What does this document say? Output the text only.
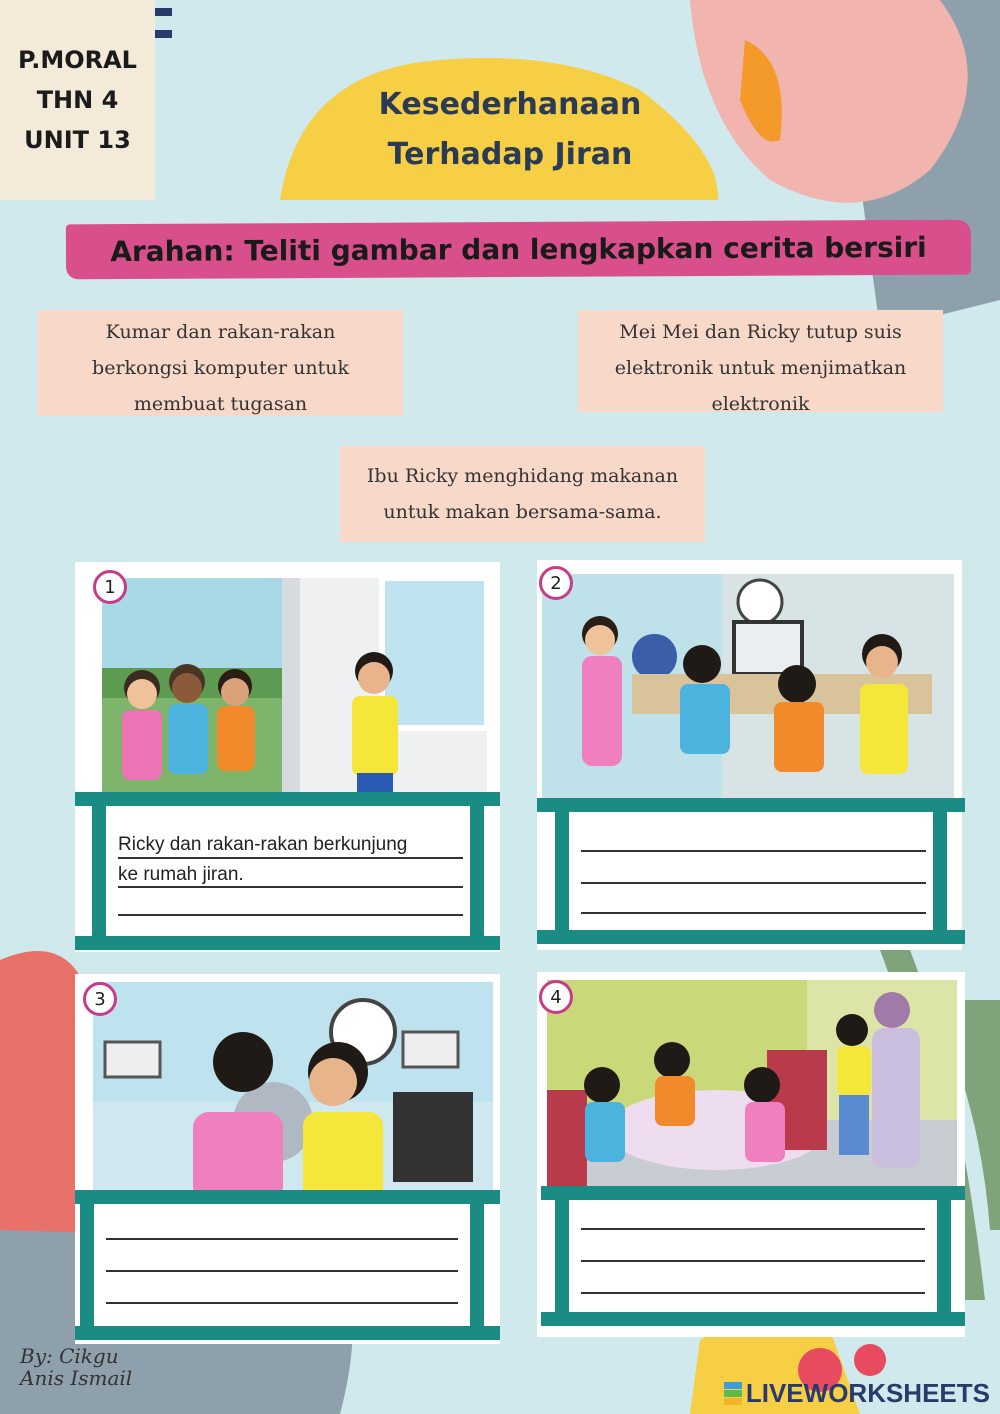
P.MORAL
THN 4
UNIT 13
Kesederhanaan
Terhadap Jiran
Arahan: Teliti gambar dan lengkapkan cerita bersiri
Kumar dan rakan-rakan
berkongsi komputer untuk
membuat tugasan
Mei Mei dan Ricky tutup suis
elektronik untuk menjimatkan
elektronik
Ibu Ricky menghidang makanan
untuk makan bersama-sama.
1
Ricky dan rakan-rakan berkunjung
ke rumah jiran.
2
3	4
By: Cikgu
Anis Ismail	LIVEWORKSHEETS
